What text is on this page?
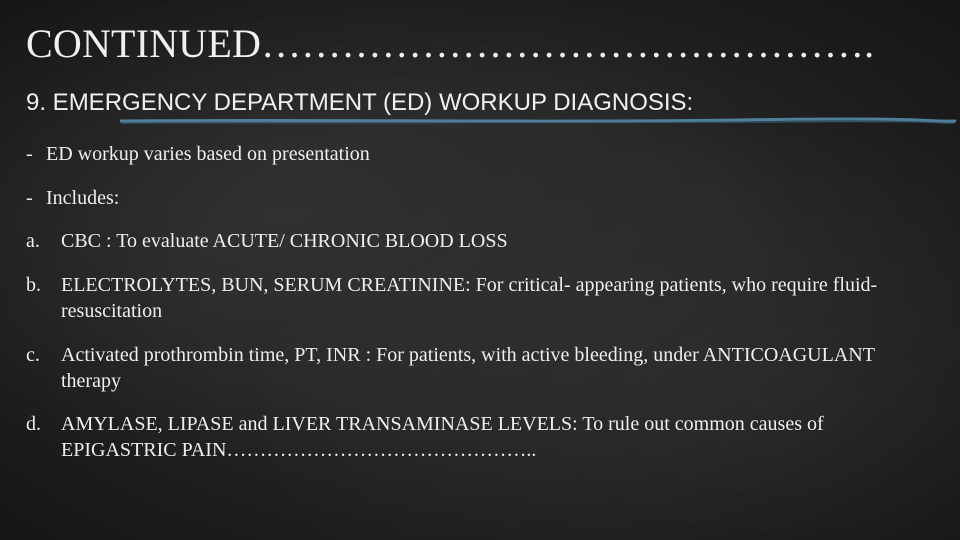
CONTINUED……………………………………….
9. EMERGENCY DEPARTMENT (ED) WORKUP DIAGNOSIS:
- ED workup varies based on presentation
- Includes:
a. CBC : To evaluate ACUTE/ CHRONIC BLOOD LOSS
b. ELECTROLYTES, BUN, SERUM CREATININE: For critical- appearing patients, who require fluid- resuscitation
c. Activated prothrombin time, PT, INR : For patients, with active bleeding, under ANTICOAGULANT therapy
d. AMYLASE, LIPASE and LIVER TRANSAMINASE LEVELS: To rule out common causes of EPIGASTRIC PAIN………………………………………..
